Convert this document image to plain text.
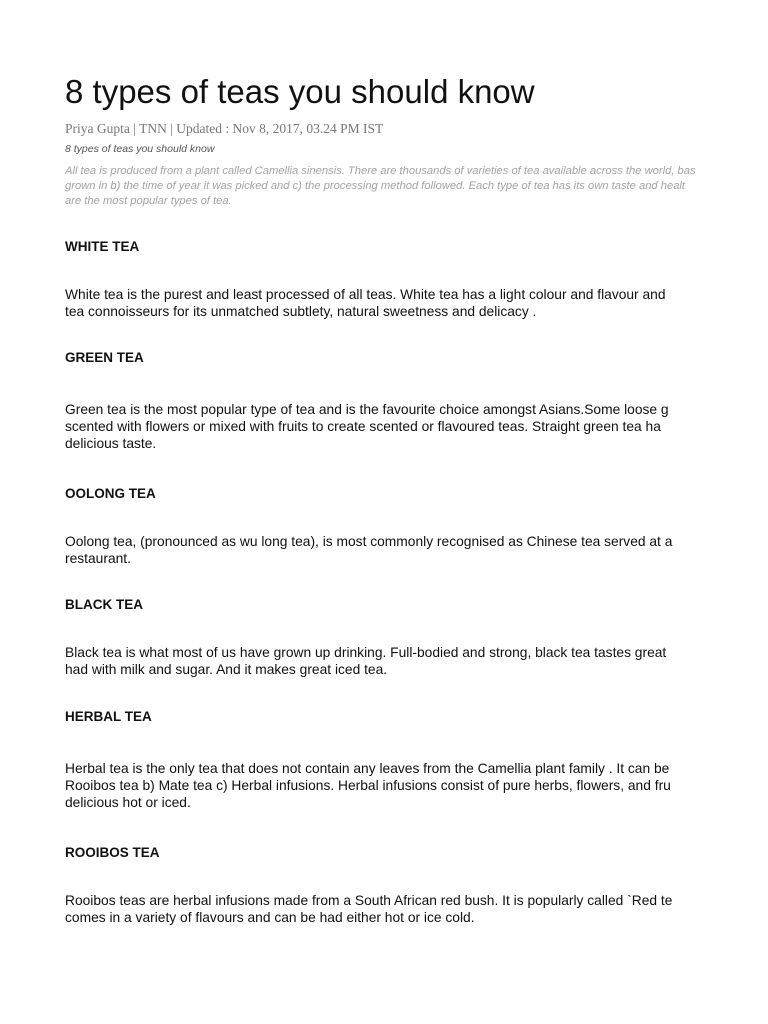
8 types of teas you should know
Priya Gupta | TNN | Updated : Nov 8, 2017, 03.24 PM IST
8 types of teas you should know
All tea is produced from a plant called Camellia sinensis. There are thousands of varieties of tea available across the world, bas
grown in b) the time of year it was picked and c) the processing method followed. Each type of tea has its own taste and healt
are the most popular types of tea.
WHITE TEA
White tea is the purest and least processed of all teas. White tea has a light colour and flavour and
tea connoisseurs for its unmatched subtlety, natural sweetness and delicacy .
GREEN TEA
Green tea is the most popular type of tea and is the favourite choice amongst Asians.Some loose g
scented with flowers or mixed with fruits to create scented or flavoured teas. Straight green tea ha
delicious taste.
OOLONG TEA
Oolong tea, (pronounced as wu long tea), is most commonly recognised as Chinese tea served at a
restaurant.
BLACK TEA
Black tea is what most of us have grown up drinking. Full-bodied and strong, black tea tastes great
had with milk and sugar. And it makes great iced tea.
HERBAL TEA
Herbal tea is the only tea that does not contain any leaves from the Camellia plant family . It can be
Rooibos tea b) Mate tea c) Herbal infusions. Herbal infusions consist of pure herbs, flowers, and fru
delicious hot or iced.
ROOIBOS TEA
Rooibos teas are herbal infusions made from a South African red bush. It is popularly called `Red te
comes in a variety of flavours and can be had either hot or ice cold.
